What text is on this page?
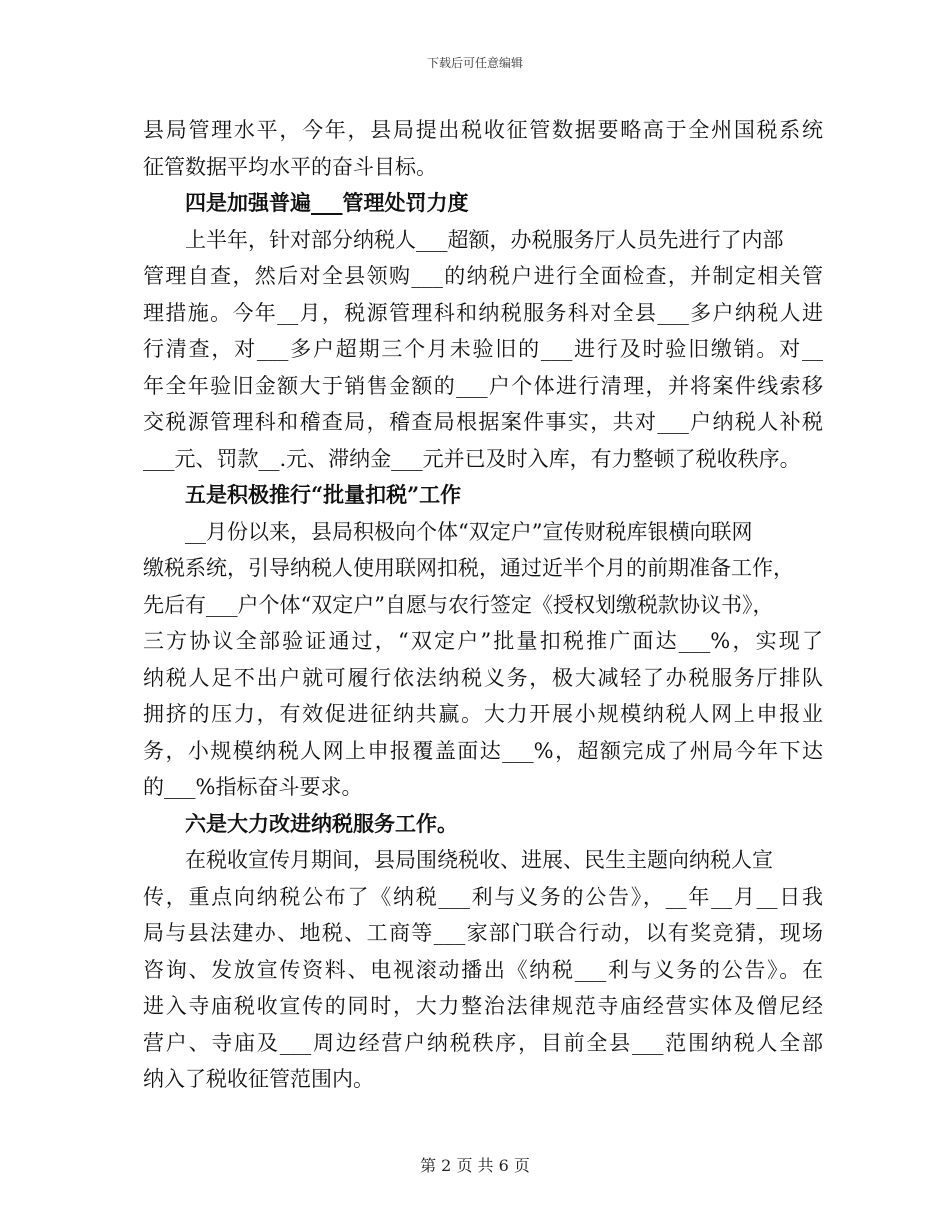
下载后可任意编辑
县局管理水平，今年，县局提出税收征管数据要略高于全州国税系统
征管数据平均水平的奋斗目标。
四是加强普遍___管理处罚力度
上半年，针对部分纳税人___超额，办税服务厅人员先进行了内部
管理自查，然后对全县领购___的纳税户进行全面检查，并制定相关管
理措施。今年__月，税源管理科和纳税服务科对全县___多户纳税人进
行清查，对___多户超期三个月未验旧的___进行及时验旧缴销。对__
年全年验旧金额大于销售金额的___户个体进行清理，并将案件线索移
交税源管理科和稽查局，稽查局根据案件事实，共对___户纳税人补税
___元、罚款__.元、滞纳金___元并已及时入库，有力整顿了税收秩序。
五是积极推行“批量扣税”工作
__月份以来，县局积极向个体“双定户”宣传财税库银横向联网
缴税系统，引导纳税人使用联网扣税，通过近半个月的前期准备工作，
先后有___户个体“双定户”自愿与农行签定《授权划缴税款协议书》，
三方协议全部验证通过，“双定户”批量扣税推广面达___%，实现了
纳税人足不出户就可履行依法纳税义务，极大减轻了办税服务厅排队
拥挤的压力，有效促进征纳共赢。大力开展小规模纳税人网上申报业
务，小规模纳税人网上申报覆盖面达___%，超额完成了州局今年下达
的___%指标奋斗要求。
六是大力改进纳税服务工作。
在税收宣传月期间，县局围绕税收、进展、民生主题向纳税人宣
传，重点向纳税公布了《纳税___利与义务的公告》，__年__月__日我
局与县法建办、地税、工商等___家部门联合行动，以有奖竞猜，现场
咨询、发放宣传资料、电视滚动播出《纳税___利与义务的公告》。在
进入寺庙税收宣传的同时，大力整治法律规范寺庙经营实体及僧尼经
营户、寺庙及___周边经营户纳税秩序，目前全县___范围纳税人全部
纳入了税收征管范围内。
第 2 页 共 6 页
